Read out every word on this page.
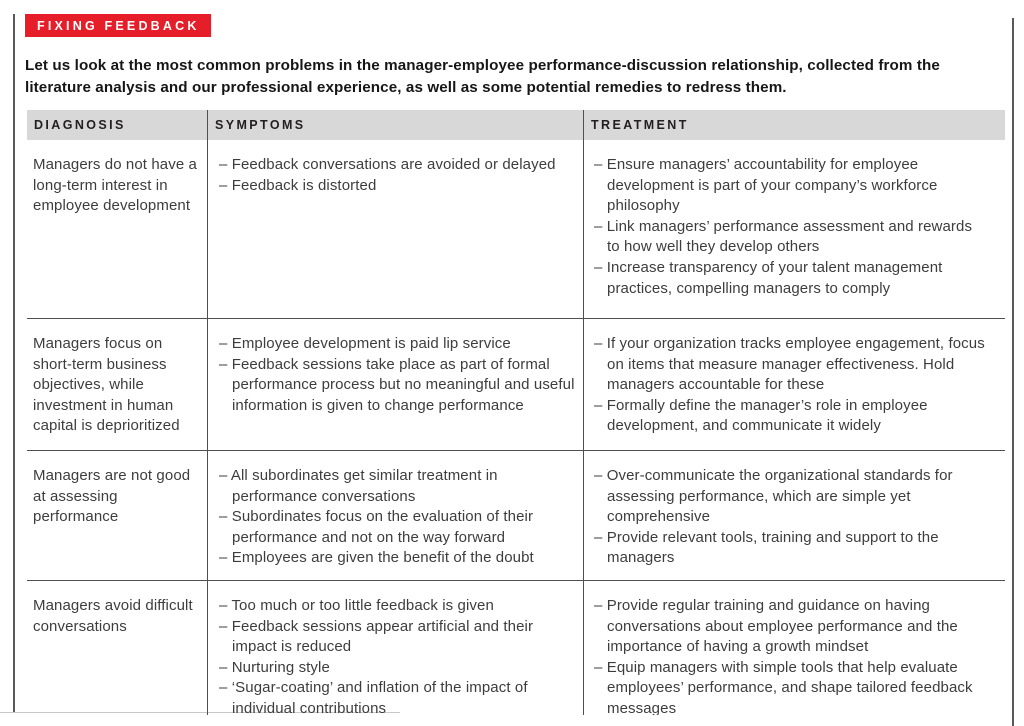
FIXING FEEDBACK
Let us look at the most common problems in the manager-employee performance-discussion relationship, collected from the literature analysis and our professional experience, as well as some potential remedies to redress them.
DIAGNOSIS	SYMPTOMS	TREATMENT
Managers do not have a long-term interest in employee development
– Feedback conversations are avoided or delayed
– Feedback is distorted
– Ensure managers’ accountability for employee development is part of your company’s workforce philosophy
– Link managers’ performance assessment and rewards to how well they develop others
– Increase transparency of your talent management practices, compelling managers to comply
Managers focus on short-term business objectives, while investment in human capital is deprioritized
– Employee development is paid lip service
– Feedback sessions take place as part of formal performance process but no meaningful and useful information is given to change performance
– If your organization tracks employee engagement, focus on items that measure manager effectiveness. Hold managers accountable for these
– Formally define the manager’s role in employee development, and communicate it widely
Managers are not good at assessing performance
– All subordinates get similar treatment in performance conversations
– Subordinates focus on the evaluation of their performance and not on the way forward
– Employees are given the benefit of the doubt
– Over-communicate the organizational standards for assessing performance, which are simple yet comprehensive
– Provide relevant tools, training and support to the managers
Managers avoid difficult conversations
– Too much or too little feedback is given
– Feedback sessions appear artificial and their impact is reduced
– Nurturing style
– ‘Sugar-coating’ and inflation of the impact of individual contributions
– Provide regular training and guidance on having conversations about employee performance and the importance of having a growth mindset
– Equip managers with simple tools that help evaluate employees’ performance, and shape tailored feedback messages
